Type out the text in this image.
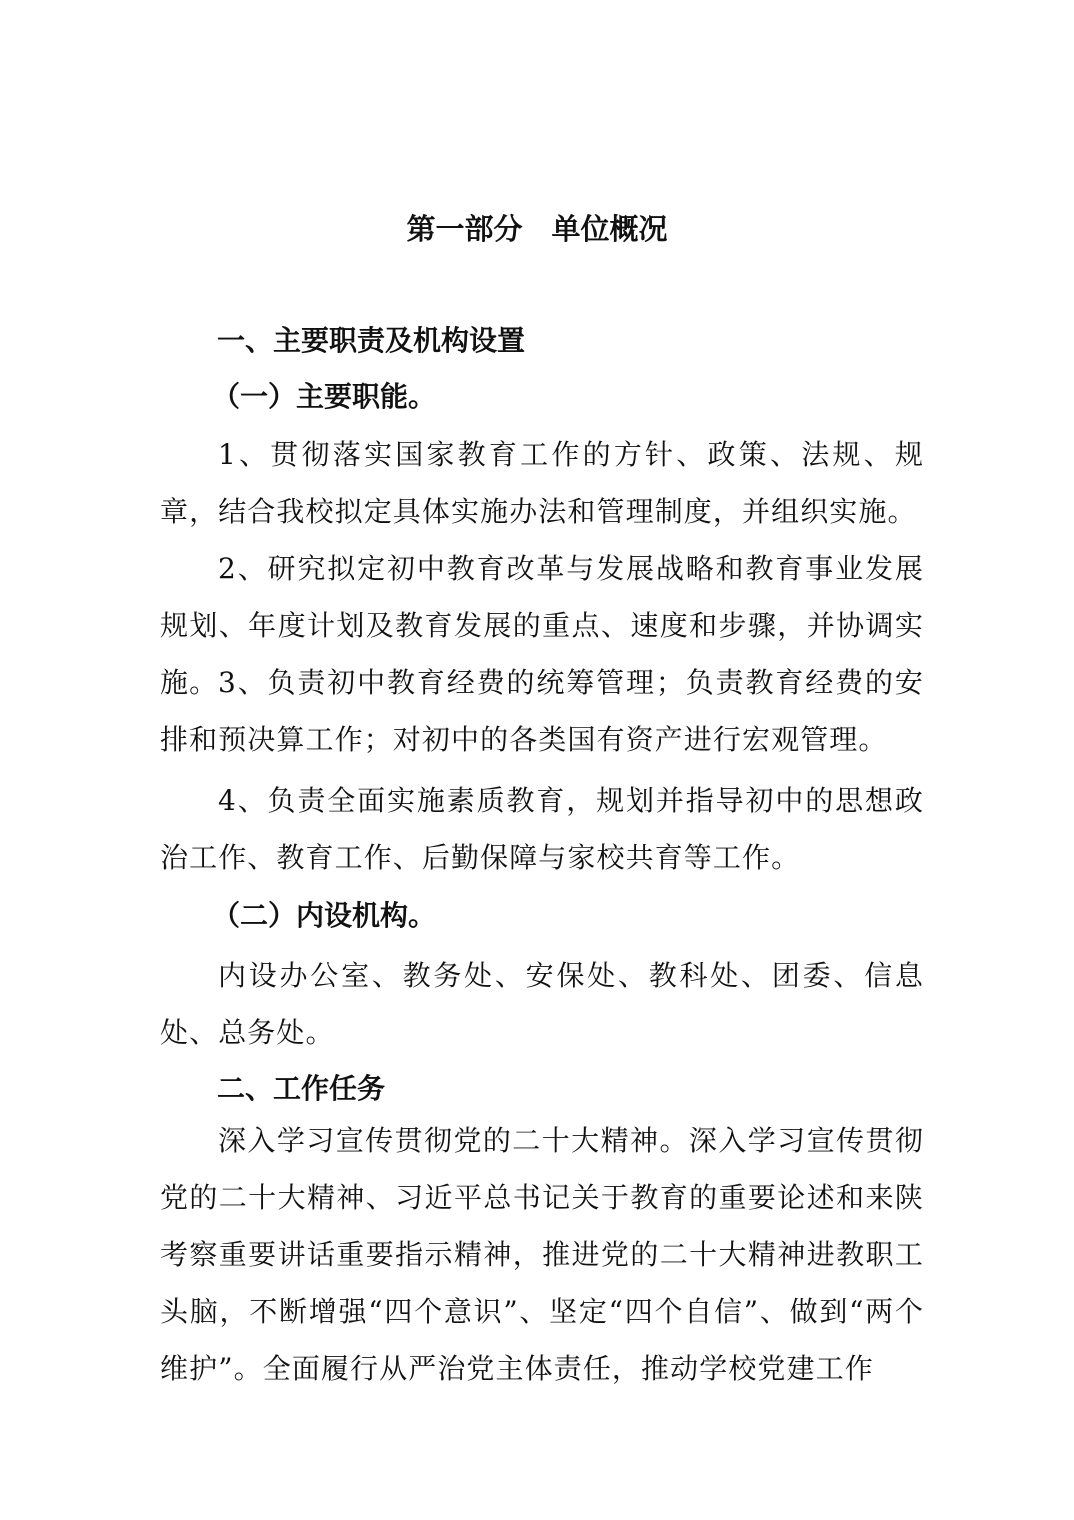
第一部分　单位概况
一、主要职责及机构设置
（一）主要职能。
1、贯彻落实国家教育工作的方针、政策、法规、规章，结合我校拟定具体实施办法和管理制度，并组织实施。
2、研究拟定初中教育改革与发展战略和教育事业发展规划、年度计划及教育发展的重点、速度和步骤，并协调实施。 3、负责初中教育经费的统筹管理；负责教育经费的安排和预决算工作；对初中的各类国有资产进行宏观管理。
4、负责全面实施素质教育，规划并指导初中的思想政治工作、教育工作、后勤保障与家校共育等工作。
（二）内设机构。
内设办公室、教务处、安保处、教科处、团委、信息处、总务处。
二、工作任务
深入学习宣传贯彻党的二十大精神。深入学习宣传贯彻党的二十大精神、习近平总书记关于教育的重要论述和来陕考察重要讲话重要指示精神，推进党的二十大精神进教职工头脑，不断增强“四个意识”、坚定“四个自信”、做到“两个维护”。全面履行从严治党主体责任，推动学校党建工作
